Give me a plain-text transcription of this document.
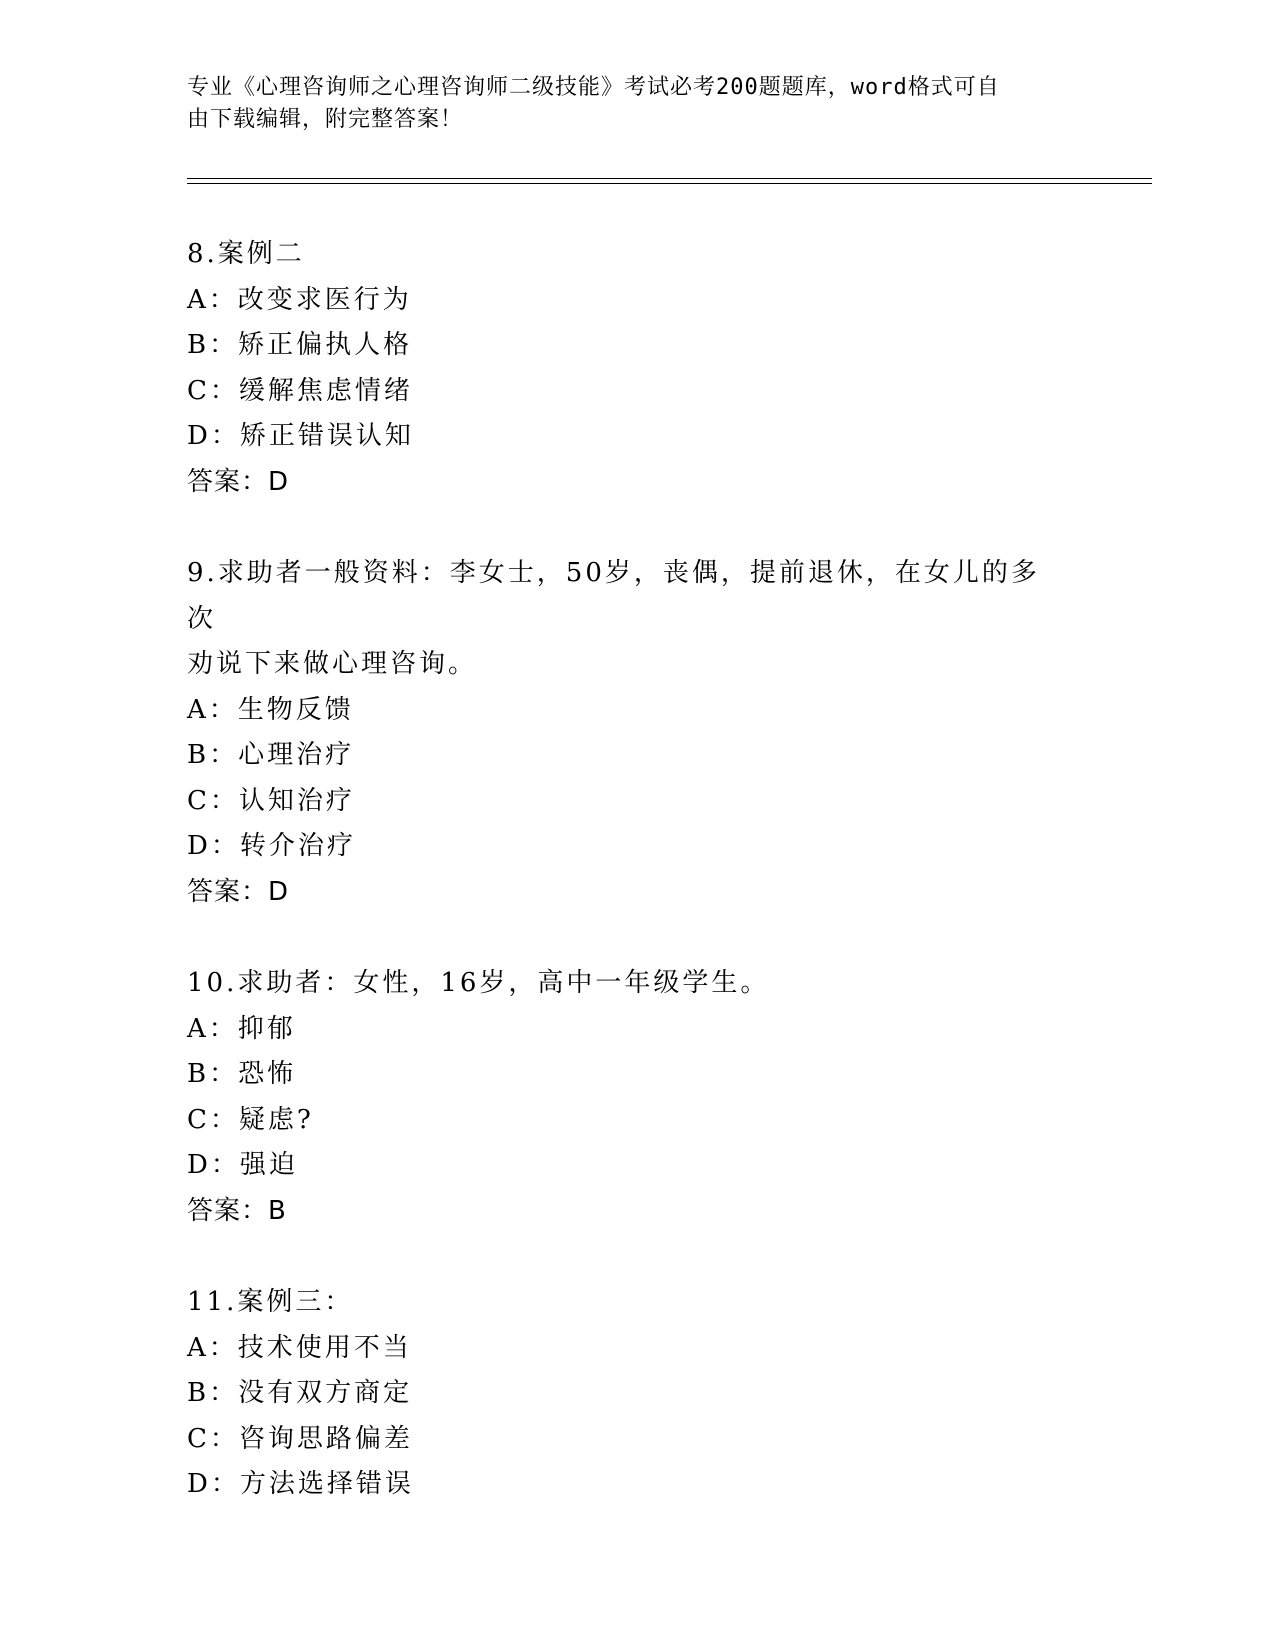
专业《心理咨询师之心理咨询师二级技能》考试必考200题题库，word格式可自
由下载编辑，附完整答案！
8.案例二
A：改变求医行为
B：矫正偏执人格
C：缓解焦虑情绪
D：矫正错误认知
答案：D
9.求助者一般资料：李女士，50岁，丧偶，提前退休，在女儿的多次
劝说下来做心理咨询。
A：生物反馈
B：心理治疗
C：认知治疗
D：转介治疗
答案：D
10.求助者：女性，16岁，高中一年级学生。
A：抑郁
B：恐怖
C：疑虑?
D：强迫
答案：B
11.案例三：
A：技术使用不当
B：没有双方商定
C：咨询思路偏差
D：方法选择错误
